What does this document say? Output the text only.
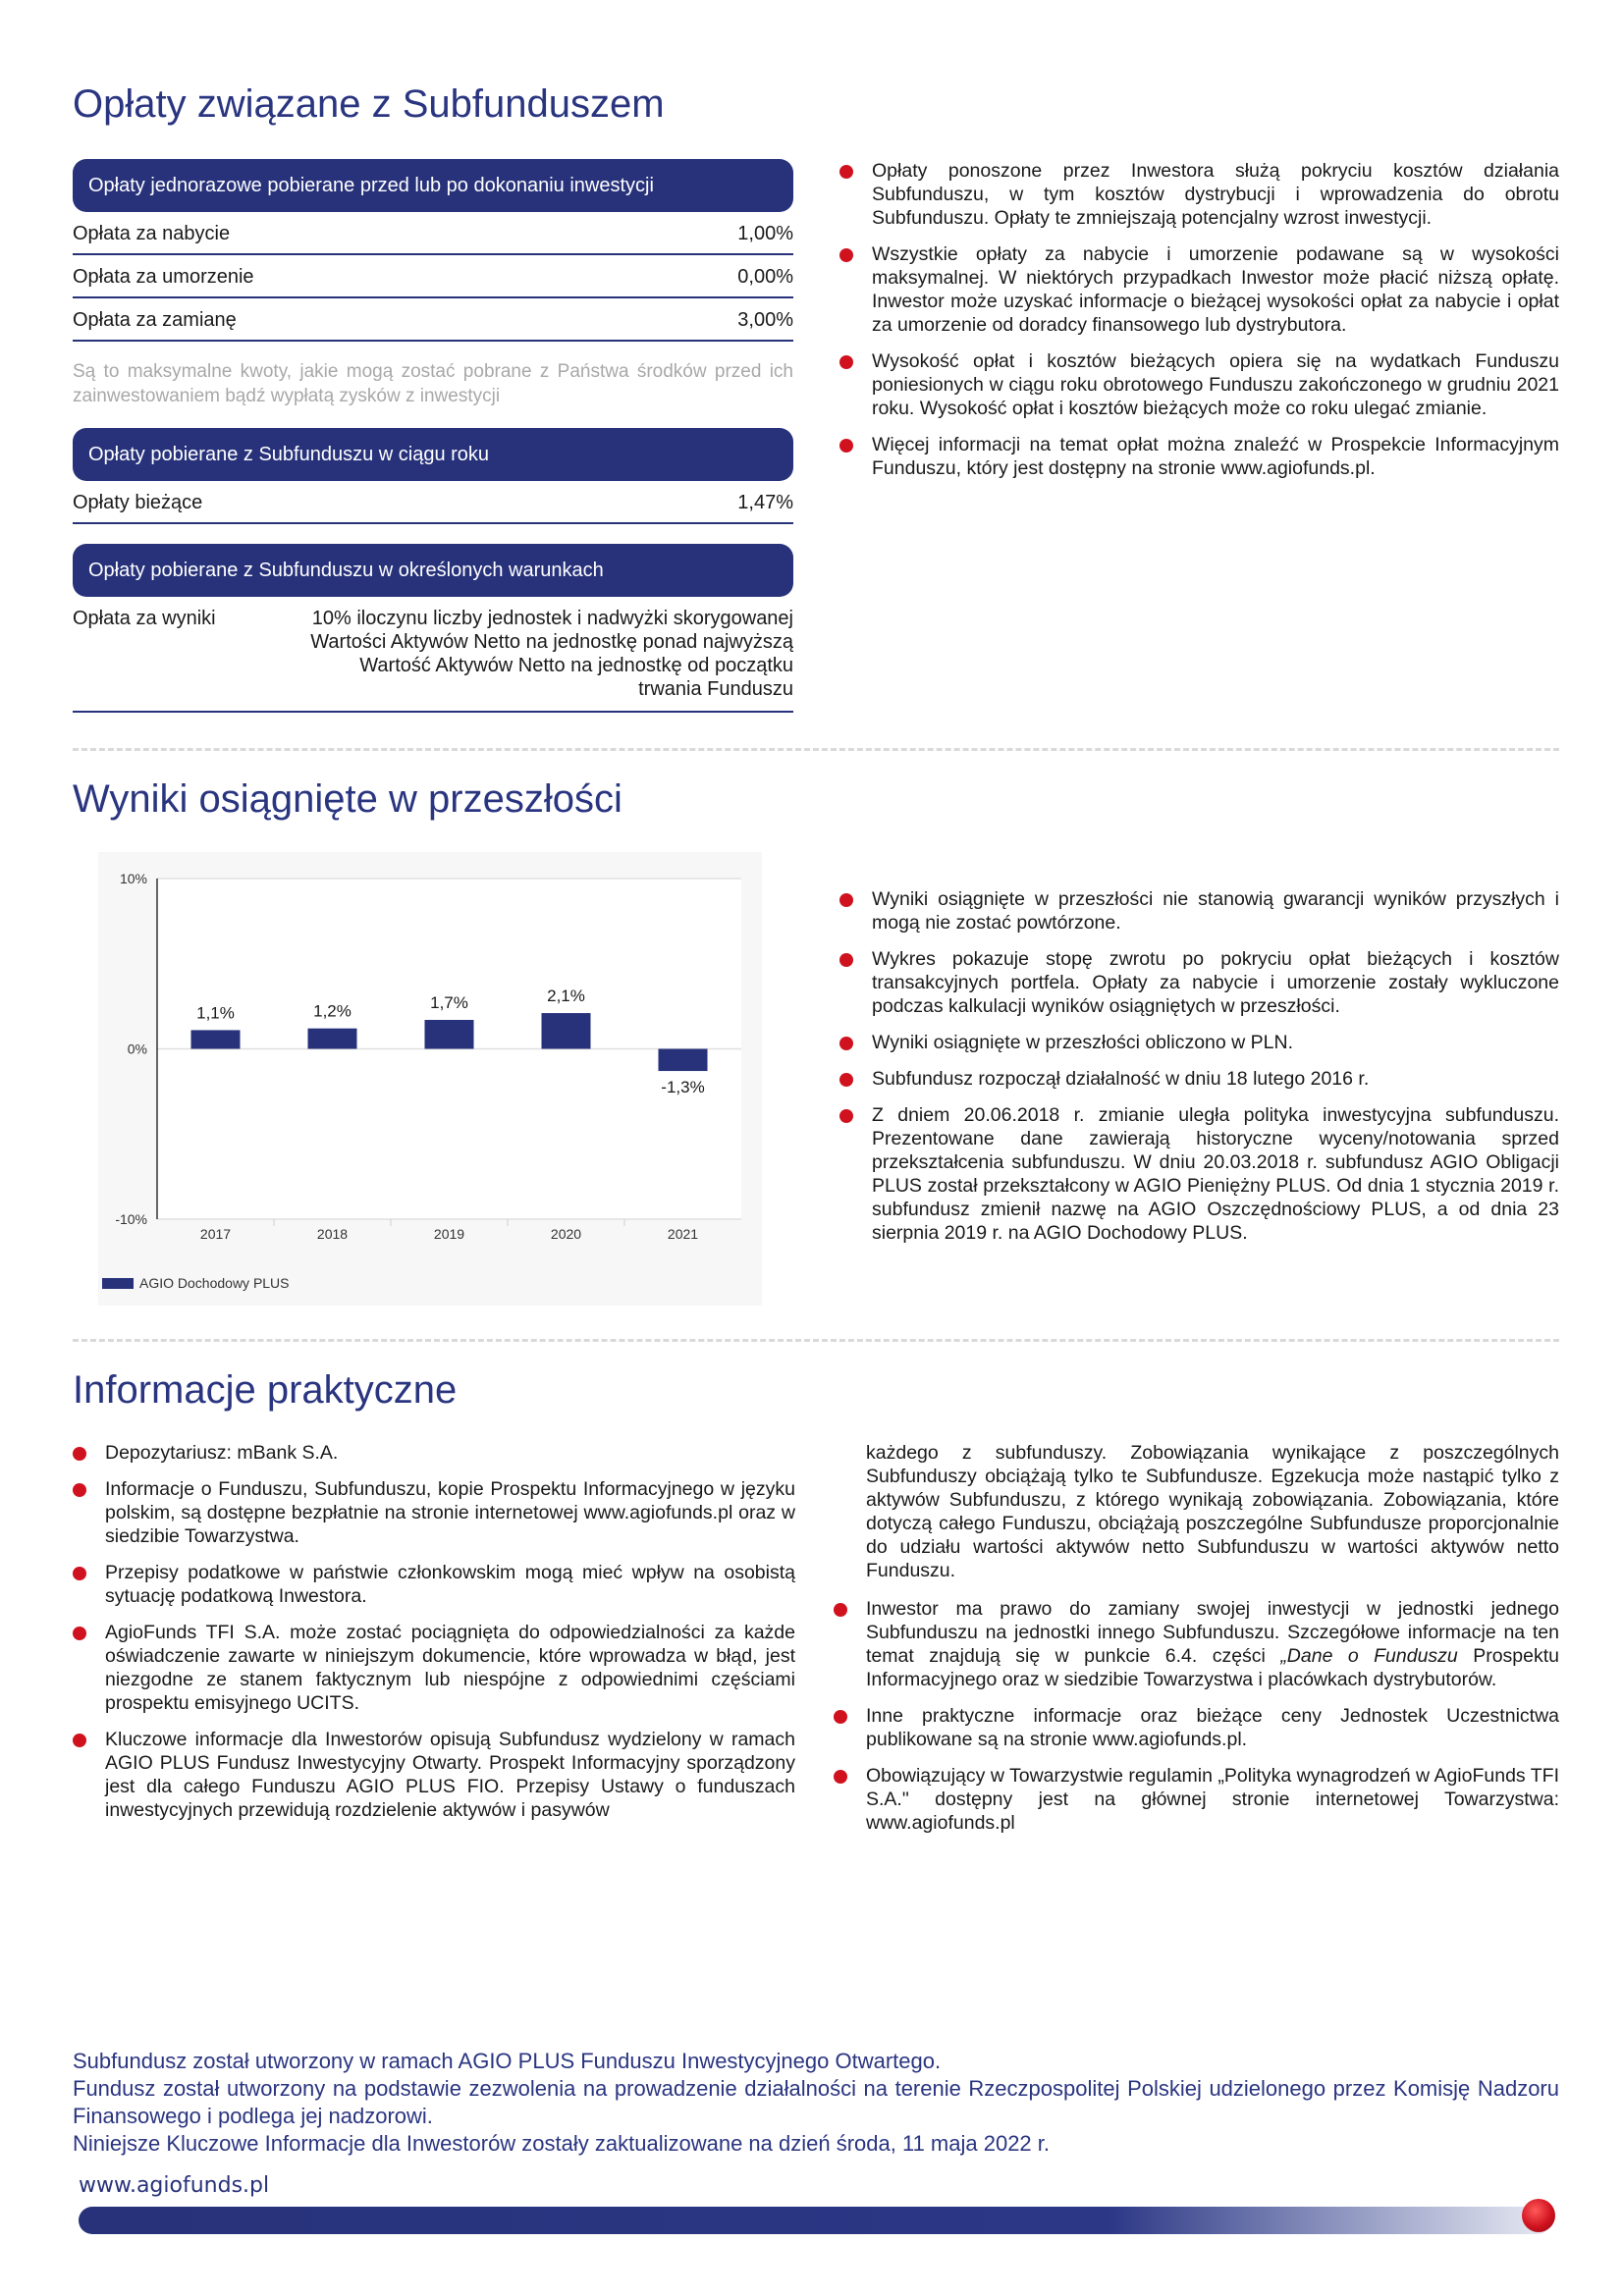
Opłaty związane z Subfunduszem
Opłaty jednorazowe pobierane przed lub po dokonaniu inwestycji
Opłata za nabycie	1,00%
Opłata za umorzenie	0,00%
Opłata za zamianę	3,00%
Są to maksymalne kwoty, jakie mogą zostać pobrane z Państwa środków przed ich zainwestowaniem bądź wypłatą zysków z inwestycji
Opłaty pobierane z Subfunduszu w ciągu roku
Opłaty bieżące	1,47%
Opłaty pobierane z Subfunduszu w określonych warunkach
Opłata za wyniki	10% iloczynu liczby jednostek i nadwyżki skorygowanej Wartości Aktywów Netto na jednostkę ponad najwyższą Wartość Aktywów Netto na jednostkę od początku trwania Funduszu
Opłaty ponoszone przez Inwestora służą pokryciu kosztów działania Subfunduszu, w tym kosztów dystrybucji i wprowadzenia do obrotu Subfunduszu. Opłaty te zmniejszają potencjalny wzrost inwestycji.
Wszystkie opłaty za nabycie i umorzenie podawane są w wysokości maksymalnej. W niektórych przypadkach Inwestor może płacić niższą opłatę. Inwestor może uzyskać informacje o bieżącej wysokości opłat za nabycie i opłat za umorzenie od doradcy finansowego lub dystrybutora.
Wysokość opłat i kosztów bieżących opiera się na wydatkach Funduszu poniesionych w ciągu roku obrotowego Funduszu zakończonego w grudniu 2021 roku. Wysokość opłat i kosztów bieżących może co roku ulegać zmianie.
Więcej informacji na temat opłat można znaleźć w Prospekcie Informacyjnym Funduszu, który jest dostępny na stronie www.agiofunds.pl.
Wyniki osiągnięte w przeszłości
10%
0%
-10%
1,1%
2017
1,2%
2018
1,7%
2019
2,1%
2020
-1,3%
2021
AGIO Dochodowy PLUS
Wyniki osiągnięte w przeszłości nie stanowią gwarancji wyników przyszłych i mogą nie zostać powtórzone.
Wykres pokazuje stopę zwrotu po pokryciu opłat bieżących i kosztów transakcyjnych portfela. Opłaty za nabycie i umorzenie zostały wykluczone podczas kalkulacji wyników osiągniętych w przeszłości.
Wyniki osiągnięte w przeszłości obliczono w PLN.
Subfundusz rozpoczął działalność w dniu 18 lutego 2016 r.
Z dniem 20.06.2018 r. zmianie uległa polityka inwestycyjna subfunduszu. Prezentowane dane zawierają historyczne wyceny/notowania sprzed przekształcenia subfunduszu. W dniu 20.03.2018 r. subfundusz AGIO Obligacji PLUS został przekształcony w AGIO Pieniężny PLUS. Od dnia 1 stycznia 2019 r. subfundusz zmienił nazwę na AGIO Oszczędnościowy PLUS, a od dnia 23 sierpnia 2019 r. na AGIO Dochodowy PLUS.
Informacje praktyczne
Depozytariusz: mBank S.A.
Informacje o Funduszu, Subfunduszu, kopie Prospektu Informacyjnego w języku polskim, są dostępne bezpłatnie na stronie internetowej www.agiofunds.pl oraz w siedzibie Towarzystwa.
Przepisy podatkowe w państwie członkowskim mogą mieć wpływ na osobistą sytuację podatkową Inwestora.
AgioFunds TFI S.A. może zostać pociągnięta do odpowiedzialności za każde oświadczenie zawarte w niniejszym dokumencie, które wprowadza w błąd, jest niezgodne ze stanem faktycznym lub niespójne z odpowiednimi częściami prospektu emisyjnego UCITS.
Kluczowe informacje dla Inwestorów opisują Subfundusz wydzielony w ramach AGIO PLUS Fundusz Inwestycyjny Otwarty. Prospekt Informacyjny sporządzony jest dla całego Funduszu AGIO PLUS FIO. Przepisy Ustawy o funduszach inwestycyjnych przewidują rozdzielenie aktywów i pasywów
każdego z subfunduszy. Zobowiązania wynikające z poszczególnych Subfunduszy obciążają tylko te Subfundusze. Egzekucja może nastąpić tylko z aktywów Subfunduszu, z którego wynikają zobowiązania. Zobowiązania, które dotyczą całego Funduszu, obciążają poszczególne Subfundusze proporcjonalnie do udziału wartości aktywów netto Subfunduszu w wartości aktywów netto Funduszu.
Inwestor ma prawo do zamiany swojej inwestycji w jednostki jednego Subfunduszu na jednostki innego Subfunduszu. Szczegółowe informacje na ten temat znajdują się w punkcie 6.4. części „Dane o Funduszu Prospektu Informacyjnego oraz w siedzibie Towarzystwa i placówkach dystrybutorów.
Inne praktyczne informacje oraz bieżące ceny Jednostek Uczestnictwa publikowane są na stronie www.agiofunds.pl.
Obowiązujący w Towarzystwie regulamin „Polityka wynagrodzeń w AgioFunds TFI S.A." dostępny jest na głównej stronie internetowej Towarzystwa: www.agiofunds.pl
Subfundusz został utworzony w ramach AGIO PLUS Funduszu Inwestycyjnego Otwartego.
Fundusz został utworzony na podstawie zezwolenia na prowadzenie działalności na terenie Rzeczpospolitej Polskiej udzielonego przez Komisję Nadzoru Finansowego i podlega jej nadzorowi.
Niniejsze Kluczowe Informacje dla Inwestorów zostały zaktualizowane na dzień środa, 11 maja 2022 r.
www.agiofunds.pl
